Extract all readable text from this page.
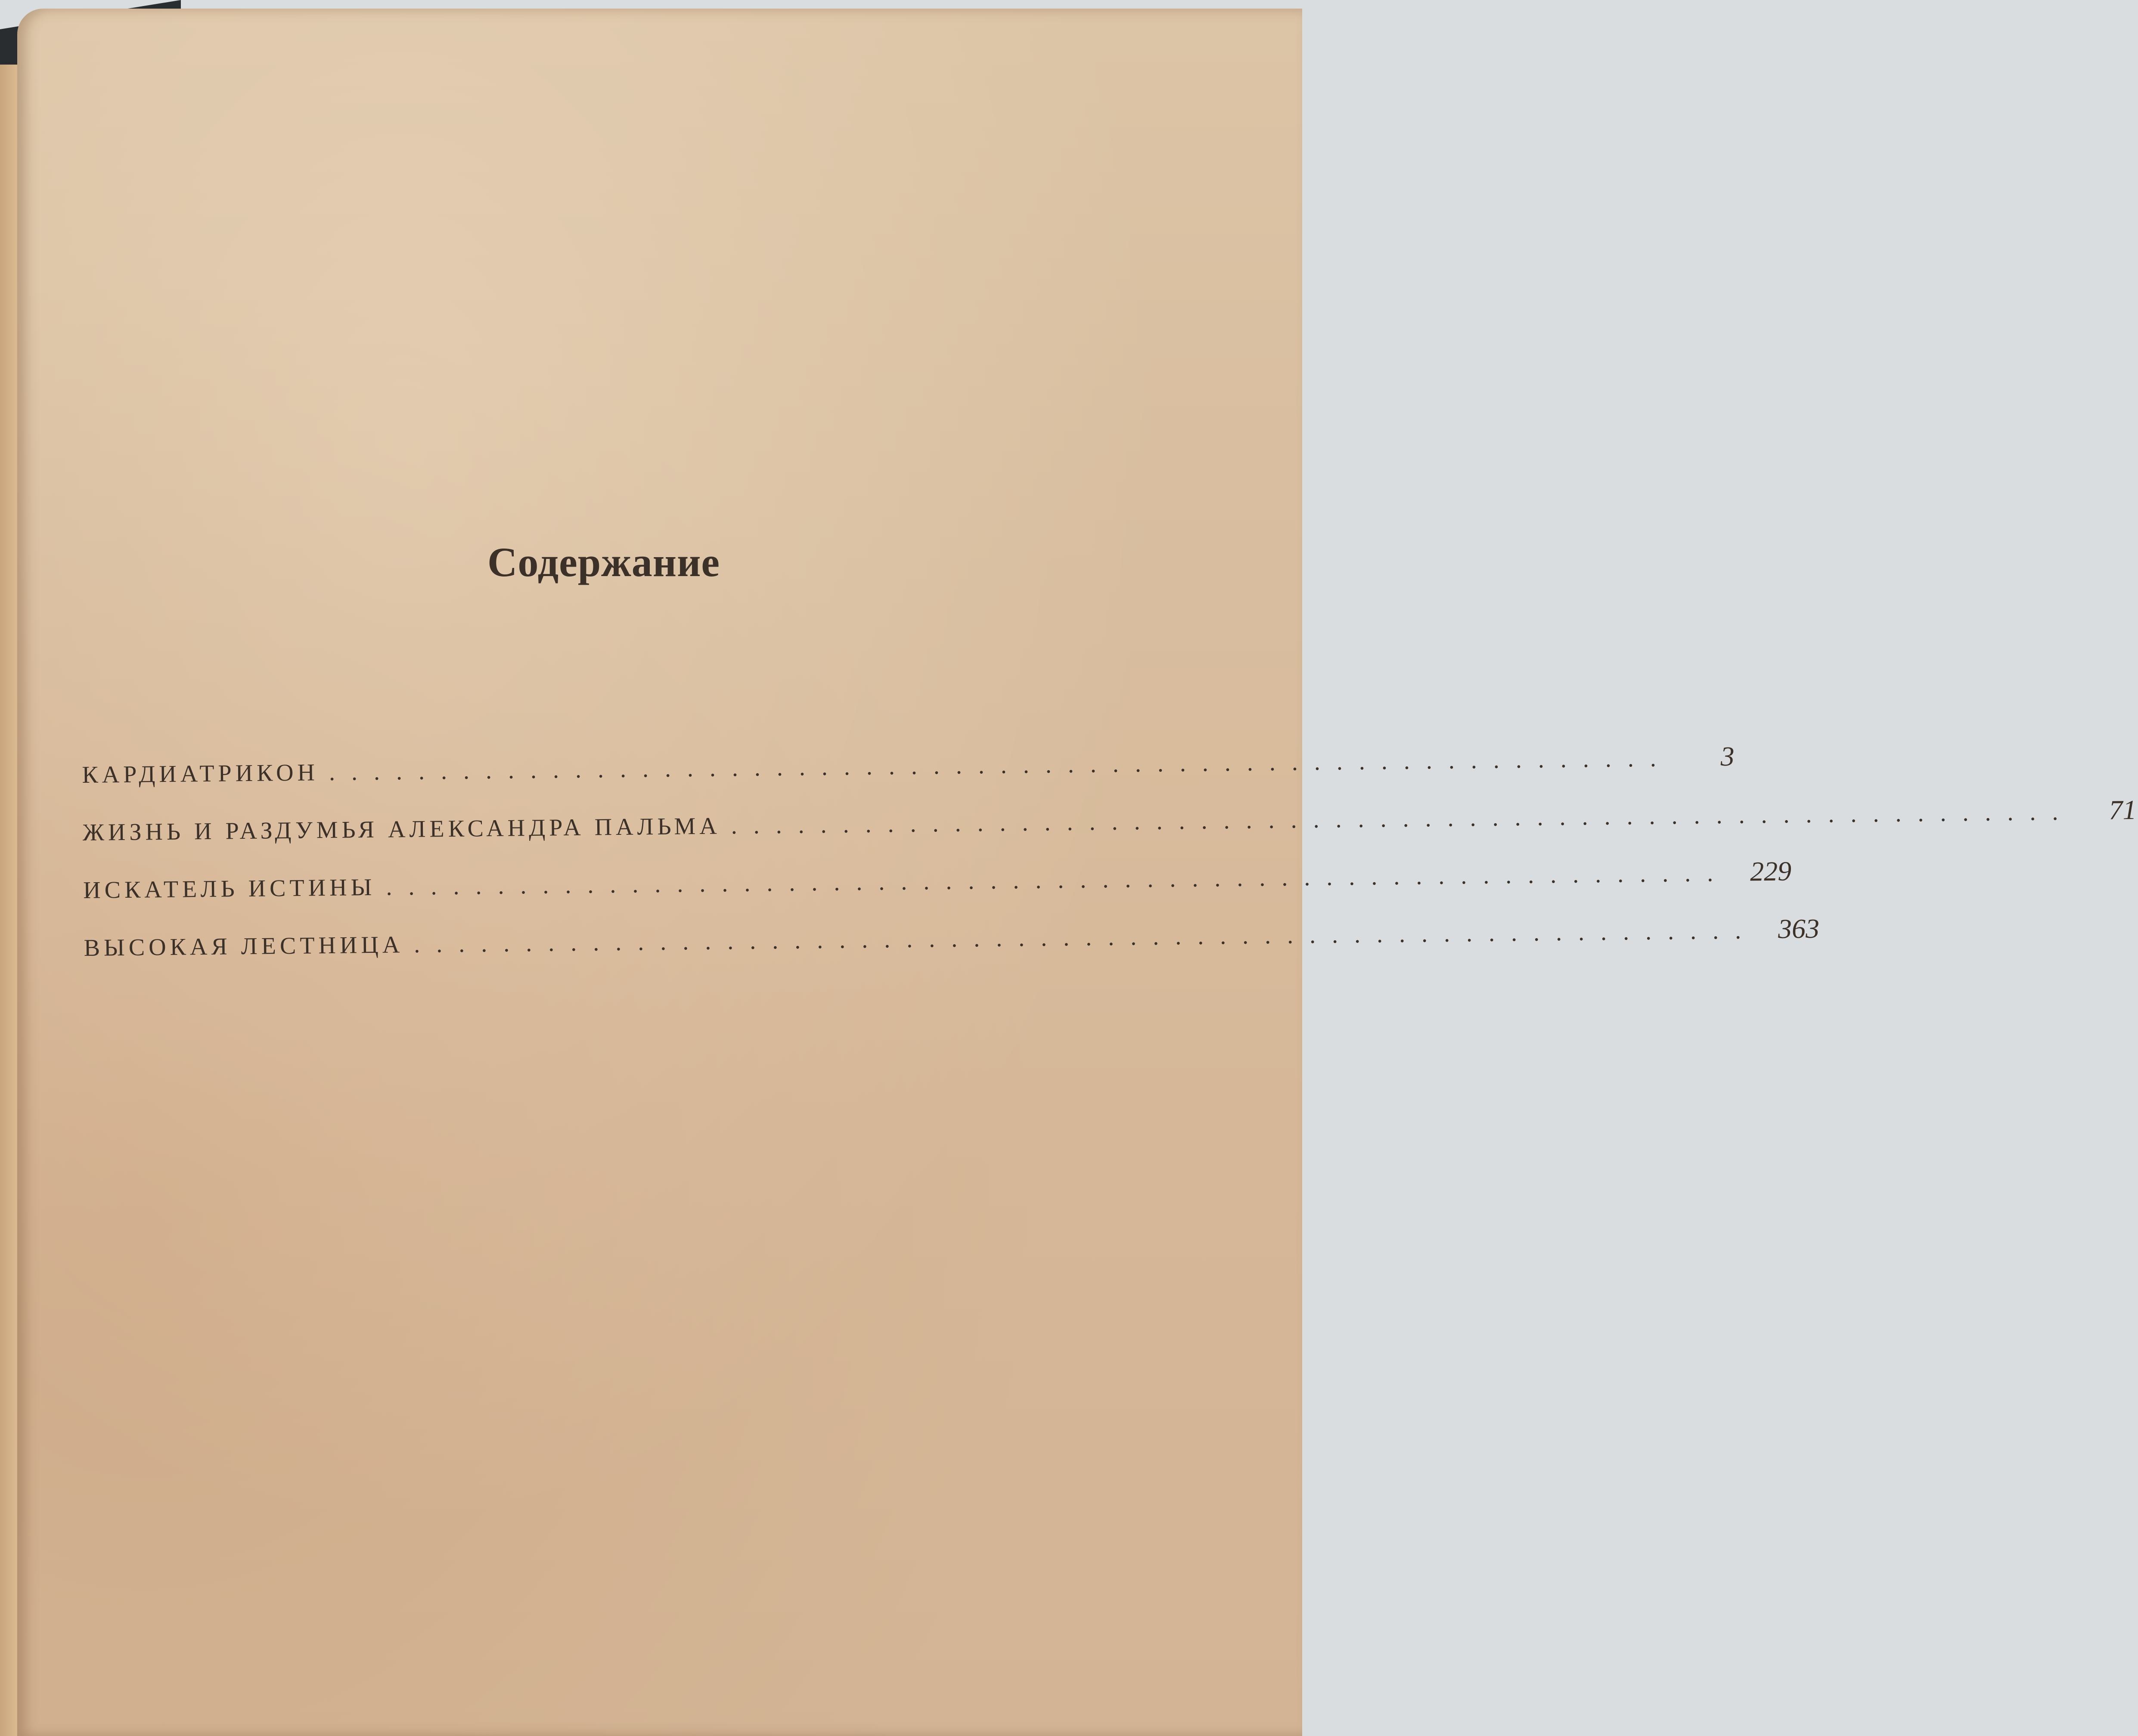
Содержание
КАРДИАТРИКОН ............................................................	3
ЖИЗНЬ И РАЗДУМЬЯ АЛЕКСАНДРА ПАЛЬМА ............................................................	71
ИСКАТЕЛЬ ИСТИНЫ ............................................................ 229
ВЫСОКАЯ ЛЕСТНИЦА ............................................................ 363
